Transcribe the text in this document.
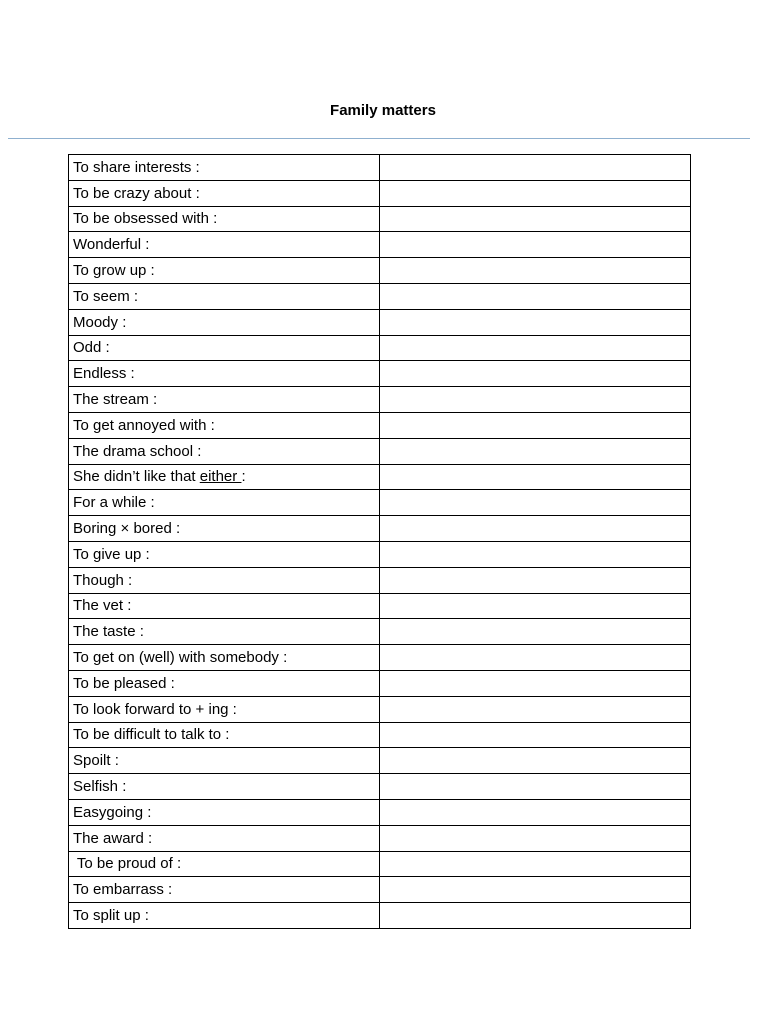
Family matters
To share interests :	
To be crazy about :	
To be obsessed with :	
Wonderful :	
To grow up :	
To seem :	
Moody :	
Odd :	
Endless :	
The stream :	
To get annoyed with :	
The drama school :	
She didn’t like that either :	
For a while :	
Boring × bored :	
To give up :	
Though :	
The vet :	
The taste :	
To get on (well) with somebody :	
To be pleased :	
To look forward to + ing :	
To be difficult to talk to :	
Spoilt :	
Selfish :	
Easygoing :	
The award :	
To be proud of :	
To embarrass :	
To split up :	
